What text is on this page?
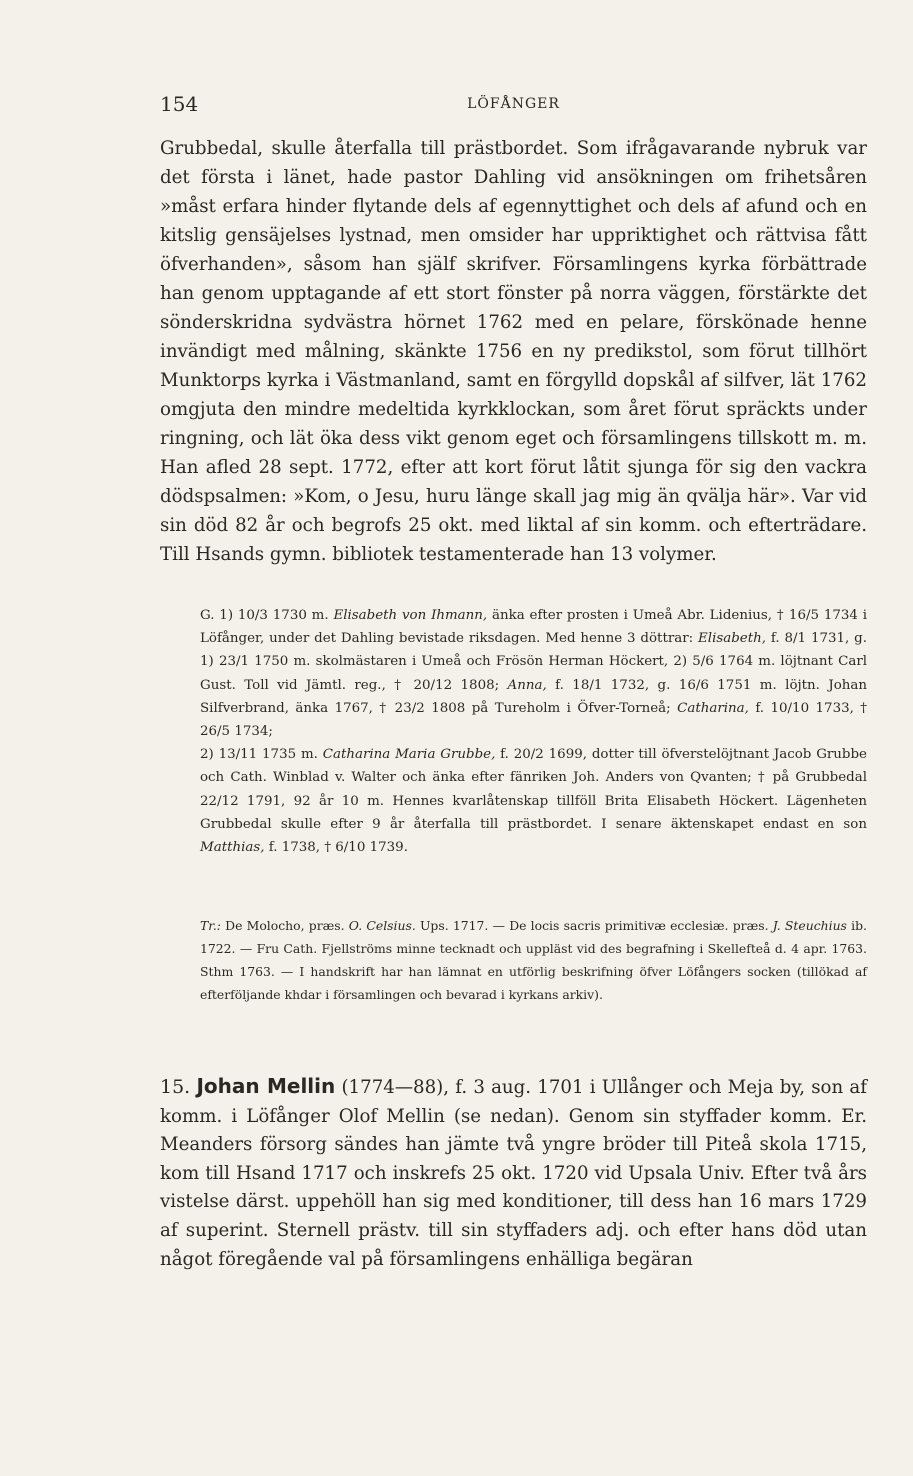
154	LÖFÅNGER
Grubbedal, skulle återfalla till prästbordet. Som ifrågavarande nybruk var det första i länet, hade pastor Dahling vid ansökningen om frihetsåren »måst erfara hinder flytande dels af egennyttighet och dels af afund och en kitslig gensäjelses lystnad, men omsider har uppriktighet och rättvisa fått öfverhanden», såsom han själf skrifver. Församlingens kyrka förbättrade han genom upptagande af ett stort fönster på norra väggen, förstärkte det sönderskridna sydvästra hörnet 1762 med en pelare, förskönade henne invändigt med målning, skänkte 1756 en ny predikstol, som förut tillhört Munktorps kyrka i Västmanland, samt en förgylld dopskål af silfver, lät 1762 omgjuta den mindre medeltida kyrkklockan, som året förut spräckts under ringning, och lät öka dess vikt genom eget och församlingens tillskott m. m. Han afled 28 sept. 1772, efter att kort förut låtit sjunga för sig den vackra dödspsalmen: »Kom, o Jesu, huru länge skall jag mig än qvälja här». Var vid sin död 82 år och begrofs 25 okt. med liktal af sin komm. och efterträdare. Till Hsands gymn. bibliotek testamenterade han 13 volymer.

G. 1) 10/3 1730 m. Elisabeth von Ihmann, änka efter prosten i Umeå Abr. Lidenius, † 16/5 1734 i Löfånger, under det Dahling bevistade riksdagen. Med henne 3 döttrar: Elisabeth, f. 8/1 1731, g. 1) 23/1 1750 m. skolmästaren i Umeå och Frösön Herman Höckert, 2) 5/6 1764 m. löjtnant Carl Gust. Toll vid Jämtl. reg., † 20/12 1808; Anna, f. 18/1 1732, g. 16/6 1751 m. löjtn. Johan Silfverbrand, änka 1767, † 23/2 1808 på Tureholm i Öfver-Torneå; Catharina, f. 10/10 1733, † 26/5 1734;

2) 13/11 1735 m. Catharina Maria Grubbe, f. 20/2 1699, dotter till öfverstelöjtnant Jacob Grubbe och Cath. Winblad v. Walter och änka efter fänriken Joh. Anders von Qvanten; † på Grubbedal 22/12 1791, 92 år 10 m. Hennes kvarlåtenskap tillföll Brita Elisabeth Höckert. Lägenheten Grubbedal skulle efter 9 år återfalla till prästbordet. I senare äktenskapet endast en son Matthias, f. 1738, † 6/10 1739.

Tr.: De Molocho, præs. O. Celsius. Ups. 1717. — De locis sacris primitivæ ecclesiæ. præs. J. Steuchius ib. 1722. — Fru Cath. Fjellströms minne tecknadt och uppläst vid des begrafning i Skellefteå d. 4 apr. 1763. Sthm 1763. — I handskrift har han lämnat en utförlig beskrifning öfver Löfångers socken (tillökad af efterföljande khdar i församlingen och bevarad i kyrkans arkiv).
15. Johan Mellin (1774—88), f. 3 aug. 1701 i Ullånger och Meja by, son af komm. i Löfånger Olof Mellin (se nedan). Genom sin styffader komm. Er. Meanders försorg sändes han jämte två yngre bröder till Piteå skola 1715, kom till Hsand 1717 och inskrefs 25 okt. 1720 vid Upsala Univ. Efter två års vistelse därst. uppehöll han sig med konditioner, till dess han 16 mars 1729 af superint. Sternell prästv. till sin styffaders adj. och efter hans död utan något föregående val på församlingens enhälliga begäran
